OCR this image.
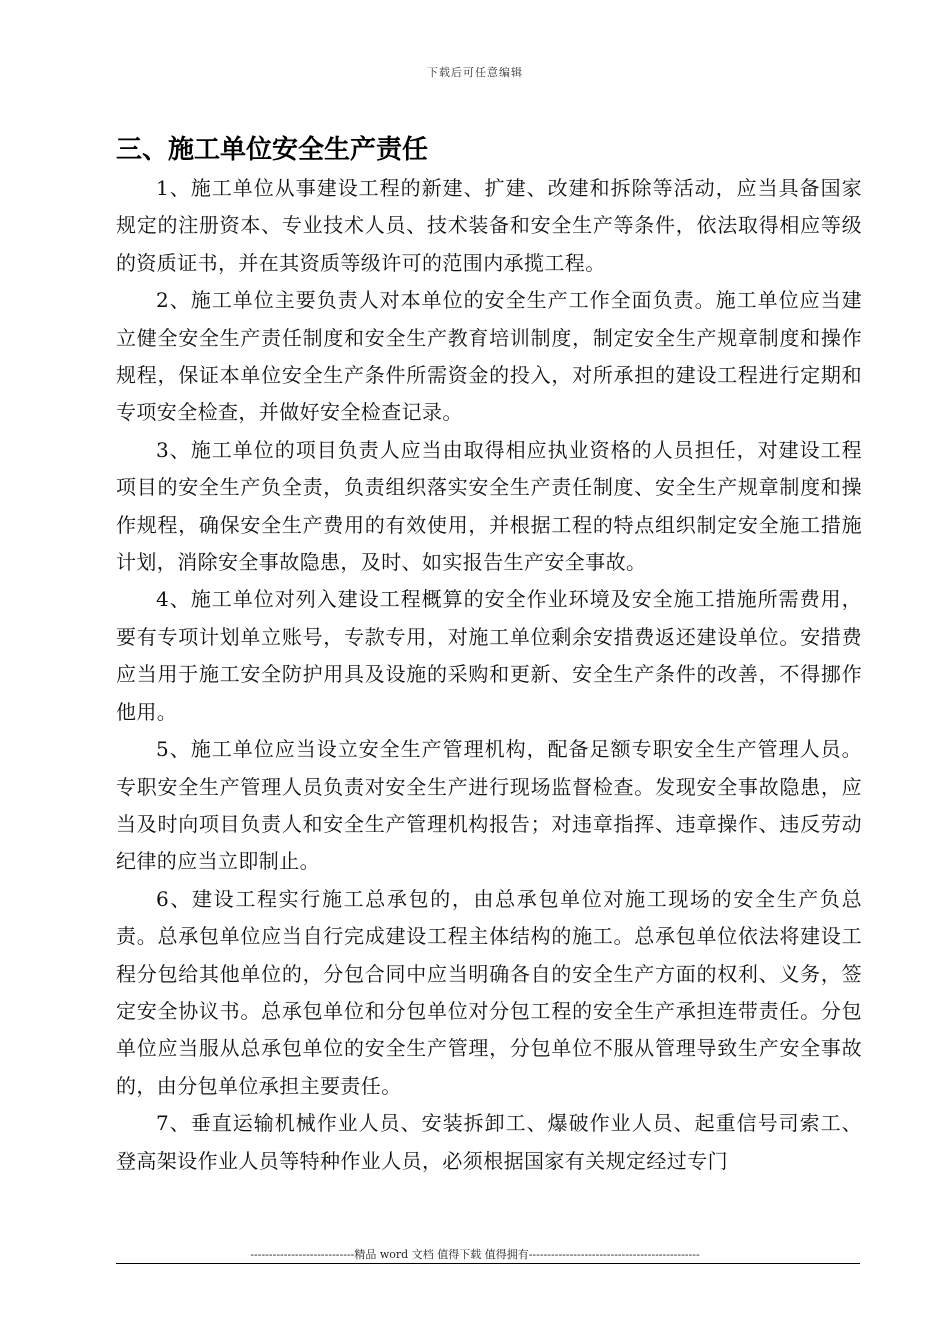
下载后可任意编辑
三、施工单位安全生产责任

1、施工单位从事建设工程的新建、扩建、改建和拆除等活动，应当具备国家规定的注册资本、专业技术人员、技术装备和安全生产等条件，依法取得相应等级的资质证书，并在其资质等级许可的范围内承揽工程。

2、施工单位主要负责人对本单位的安全生产工作全面负责。施工单位应当建立健全安全生产责任制度和安全生产教育培训制度，制定安全生产规章制度和操作规程，保证本单位安全生产条件所需资金的投入，对所承担的建设工程进行定期和专项安全检查，并做好安全检查记录。

3、施工单位的项目负责人应当由取得相应执业资格的人员担任，对建设工程项目的安全生产负全责，负责组织落实安全生产责任制度、安全生产规章制度和操作规程，确保安全生产费用的有效使用，并根据工程的特点组织制定安全施工措施计划，消除安全事故隐患，及时、如实报告生产安全事故。

4、施工单位对列入建设工程概算的安全作业环境及安全施工措施所需费用，要有专项计划单立账号，专款专用，对施工单位剩余安措费返还建设单位。安措费应当用于施工安全防护用具及设施的采购和更新、安全生产条件的改善，不得挪作他用。

5、施工单位应当设立安全生产管理机构，配备足额专职安全生产管理人员。专职安全生产管理人员负责对安全生产进行现场监督检查。发现安全事故隐患，应当及时向项目负责人和安全生产管理机构报告；对违章指挥、违章操作、违反劳动纪律的应当立即制止。

6、建设工程实行施工总承包的，由总承包单位对施工现场的安全生产负总责。总承包单位应当自行完成建设工程主体结构的施工。总承包单位依法将建设工程分包给其他单位的，分包合同中应当明确各自的安全生产方面的权利、义务，签定安全协议书。总承包单位和分包单位对分包工程的安全生产承担连带责任。分包单位应当服从总承包单位的安全生产管理，分包单位不服从管理导致生产安全事故的，由分包单位承担主要责任。

7、垂直运输机械作业人员、安装拆卸工、爆破作业人员、起重信号司索工、登高架设作业人员等特种作业人员，必须根据国家有关规定经过专门

----------------------------精品 word 文档 值得下载 值得拥有----------------------------------------------
